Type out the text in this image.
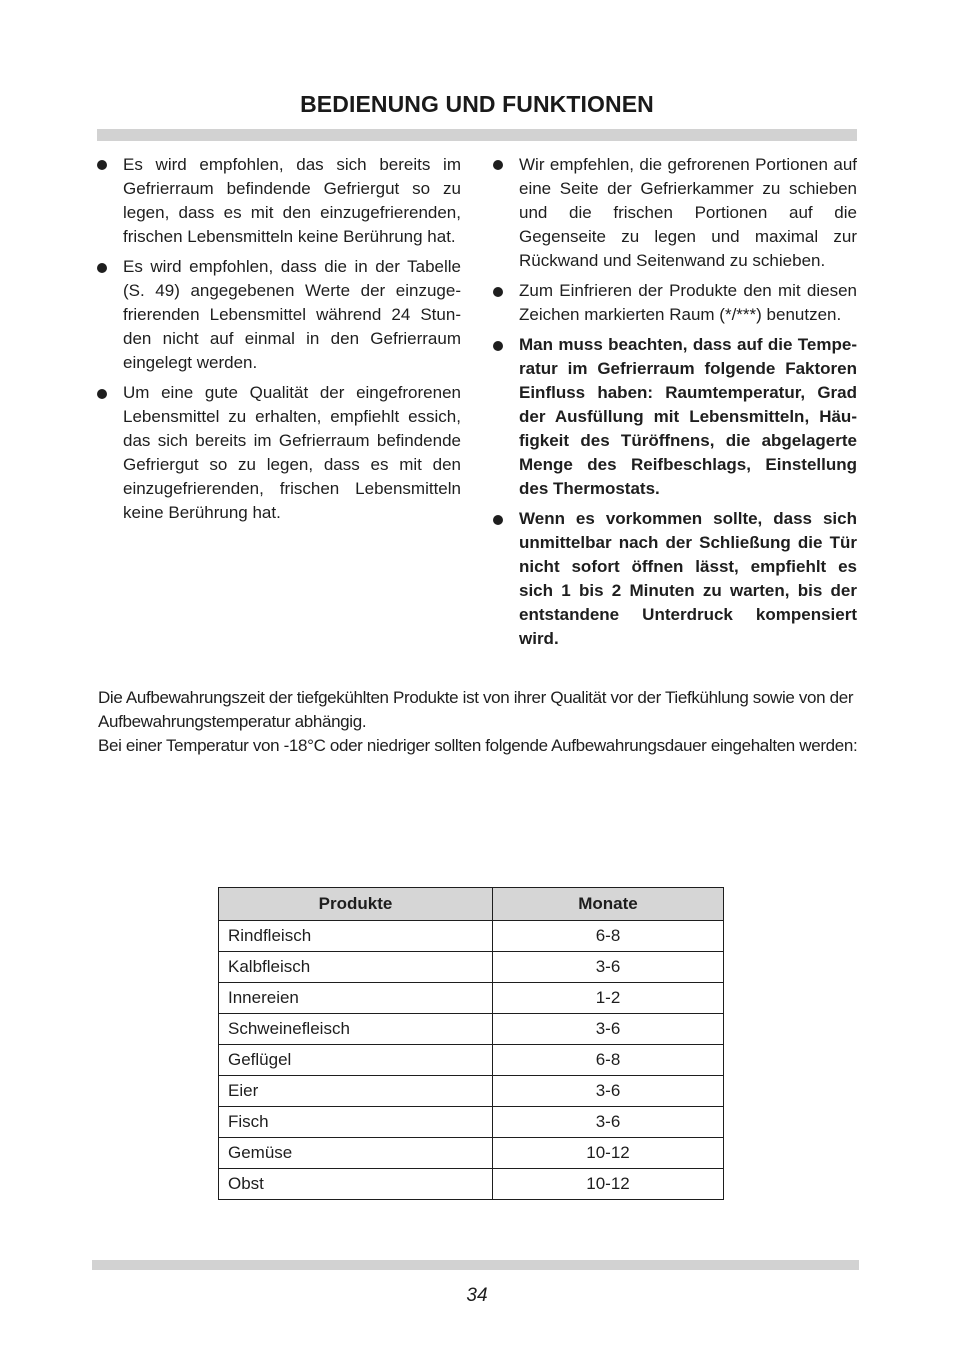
BEDIENUNG UND FUNKTIONEN
Es wird empfohlen, das sich bereits im Gefrierraum befindende Gefriergut so zu legen, dass es mit den einzugefrierenden, frischen Lebensmitteln keine Berührung hat.
Es wird empfohlen, dass die in der Tabelle (S. 49) angegebenen Werte der einzugefrierenden Lebensmittel während 24 Stunden nicht auf einmal in den Gefrierraum eingelegt werden.
Um eine gute Qualität der eingefrorenen Lebensmittel zu erhalten, empfiehlt essich, das sich bereits im Gefrierraum befindende Gefriergut so zu legen, dass es mit den einzugefrierenden, frischen Lebensmitteln keine Berührung hat.
Wir empfehlen, die gefrorenen Portionen auf eine Seite der Gefrierkammer zu schieben und die frischen Portionen auf die Gegenseite zu legen und maximal zur Rückwand und Seitenwand zu schieben.
Zum Einfrieren der Produkte den mit diesen Zeichen markierten Raum (*/***) benutzen.
Man muss beachten, dass auf die Temperatur im Gefrierraum folgende Faktoren Einfluss haben: Raumtemperatur, Grad der Ausfüllung mit Lebensmitteln, Häufigkeit des Türöffnens, die abgelagerte Menge des Reifbeschlags, Einstellung des Thermostats.
Wenn es vorkommen sollte, dass sich unmittelbar nach der Schließung die Tür nicht sofort öffnen lässt, empfiehlt es sich 1 bis 2 Minuten zu warten, bis der entstandene Unterdruck kompensiert wird.

Die Aufbewahrungszeit der tiefgekühlten Produkte ist von ihrer Qualität vor der Tiefkühlung sowie von der Aufbewahrungstemperatur abhängig.

Bei einer Temperatur von -18°C oder niedriger sollten folgende Aufbewahrungsdauer eingehalten werden:

Produkte	Monate
Rindfleisch	6-8
Kalbfleisch	3-6
Innereien	1-2
Schweinefleisch	3-6
Geflügel	6-8
Eier	3-6
Fisch	3-6
Gemüse	10-12
Obst	10-12
34
